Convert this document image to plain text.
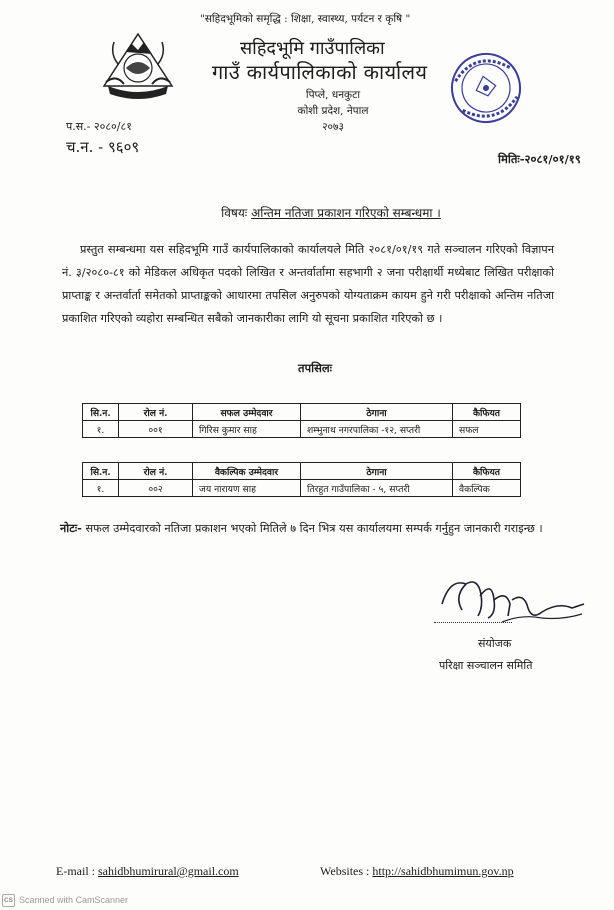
"सहिदभूमिको समृद्धि : शिक्षा, स्वास्थ्य, पर्यटन र कृषि "
सहिदभूमि गाउँपालिका
गाउँ कार्यपालिकाको कार्यालय
पिप्ले, धनकुटा
कोशी प्रदेश, नेपाल
२०७३
प.स.- २०८०/८१
च.न. - ९६०९
मितिः-२०८१/०१/१९
विषयः अन्तिम नतिजा प्रकाशन गरिएको सम्बन्धमा ।
प्रस्तुत सम्बन्धमा यस सहिदभूमि गाउँ कार्यपालिकाको कार्यालयले मिति २०८१/०१/१९ गते सञ्चालन गरिएको विज्ञापन नं. ३/२०८०-८१ को मेडिकल अधिकृत पदको लिखित र अन्तर्वार्तामा सहभागी २ जना परीक्षार्थी मध्येबाट लिखित परीक्षाको प्राप्ताङ्क र अन्तर्वार्ता समेतको प्राप्ताङ्कको आधारमा तपसिल अनुरुपको योग्यताक्रम कायम हुने गरी परीक्षाको अन्तिम नतिजा प्रकाशित गरिएको व्यहोरा सम्बन्धित सबैको जानकारीका लागि यो सूचना प्रकाशित गरिएको छ ।
तपसिलः
सि.न.	रोल नं.	सफल उम्मेदवार	ठेगाना	कैफियत
१.	००१	गिरिस कुमार साह	शम्भुनाथ नगरपालिका -१२, सप्तरी	सफल
सि.न.	रोल नं.	वैकल्पिक उम्मेदवार	ठेगाना	कैफियत
१.	००२	जय नारायण साह	तिरहुत गाउँपालिका - ५, सप्तरी	वैकल्पिक
नोटः- सफल उम्मेदवारको नतिजा प्रकाशन भएको मितिले ७ दिन भित्र यस कार्यालयमा सम्पर्क गर्नुहुन जानकारी गराइन्छ ।
संयोजक
परिक्षा सञ्चालन समिति
E-mail : sahidbhumirural@gmail.com	Websites : http://sahidbhumimun.gov.np
CS Scanned with CamScanner
